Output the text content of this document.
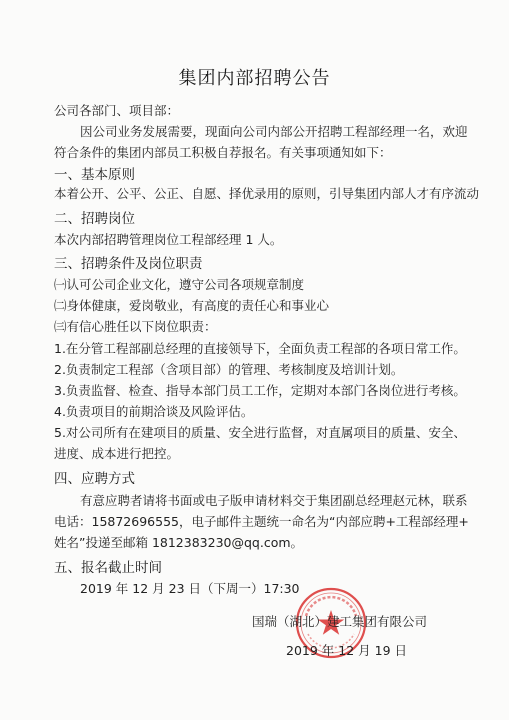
集团内部招聘公告
公司各部门、项目部：
因公司业务发展需要，现面向公司内部公开招聘工程部经理一名，欢迎
符合条件的集团内部员工积极自荐报名。有关事项通知如下：
一、基本原则
本着公开、公平、公正、自愿、择优录用的原则，引导集团内部人才有序流动
二、招聘岗位
本次内部招聘管理岗位工程部经理 1 人。
三、招聘条件及岗位职责
㈠认可公司企业文化，遵守公司各项规章制度
㈡身体健康，爱岗敬业，有高度的责任心和事业心
㈢有信心胜任以下岗位职责：
1.在分管工程部副总经理的直接领导下，全面负责工程部的各项日常工作。
2.负责制定工程部（含项目部）的管理、考核制度及培训计划。
3.负责监督、检查、指导本部门员工工作，定期对本部门各岗位进行考核。
4.负责项目的前期洽谈及风险评估。
5.对公司所有在建项目的质量、安全进行监督，对直属项目的质量、安全、
进度、成本进行把控。
四、应聘方式
有意应聘者请将书面或电子版申请材料交于集团副总经理赵元林，联系
电话：15872696555，电子邮件主题统一命名为“内部应聘+工程部经理+
姓名”投递至邮箱 1812383230@qq.com。
五、报名截止时间
2019 年 12 月 23 日（下周一）17:30
国瑞（湖北）建工集团有限公司
2019 年 12 月 19 日
